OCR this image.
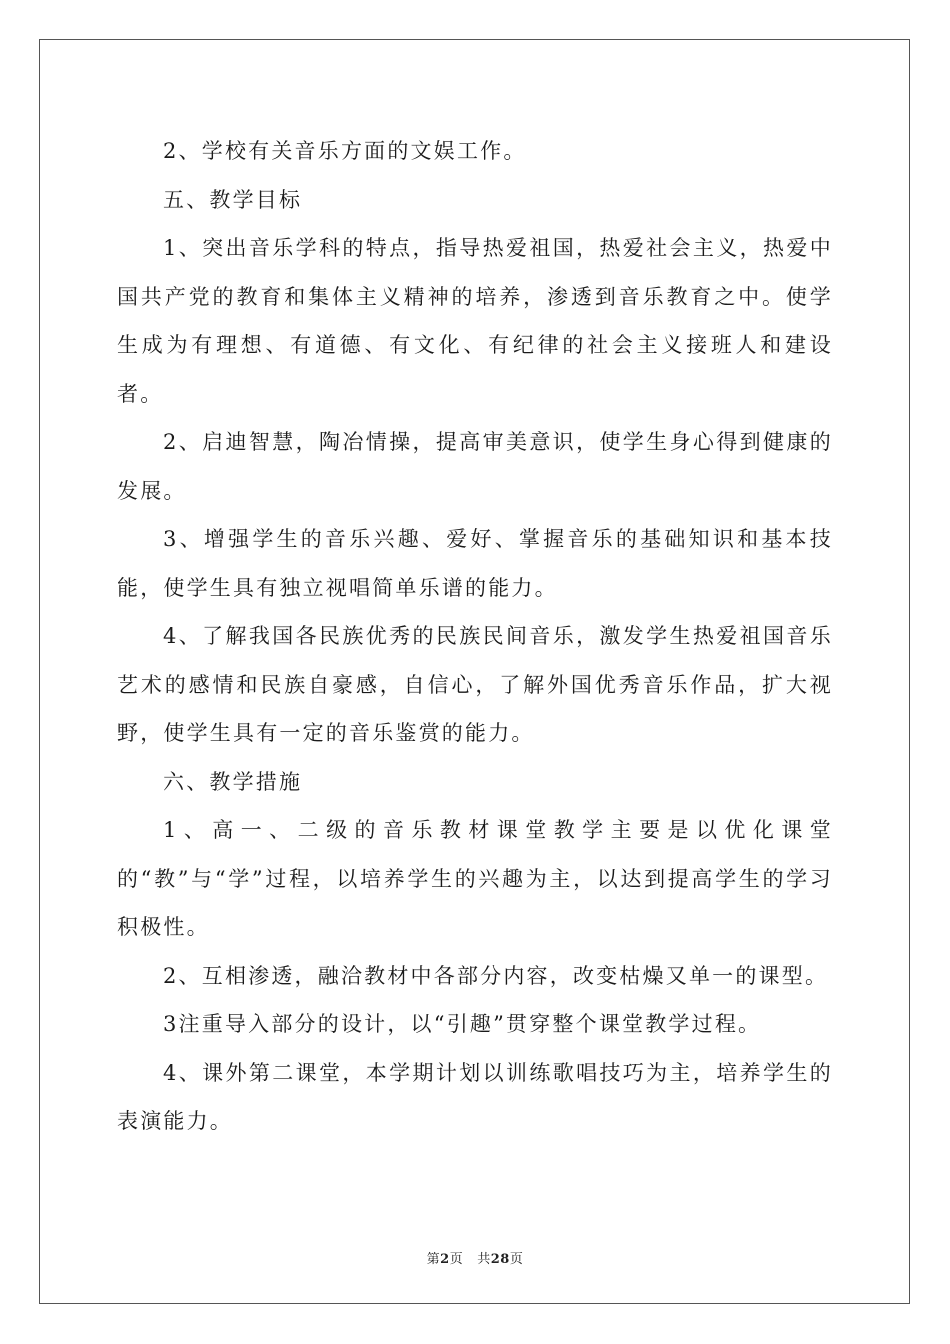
2、学校有关音乐方面的文娱工作。

五、教学目标

1、突出音乐学科的特点，指导热爱祖国，热爱社会主义，热爱中国共产党的教育和集体主义精神的培养，渗透到音乐教育之中。使学生成为有理想、有道德、有文化、有纪律的社会主义接班人和建设者。

2、启迪智慧，陶冶情操，提高审美意识，使学生身心得到健康的发展。

3、增强学生的音乐兴趣、爱好、掌握音乐的基础知识和基本技能，使学生具有独立视唱简单乐谱的能力。

4、了解我国各民族优秀的民族民间音乐，激发学生热爱祖国音乐艺术的感情和民族自豪感，自信心，了解外国优秀音乐作品，扩大视野，使学生具有一定的音乐鉴赏的能力。

六、教学措施

1、高一、二级的音乐教材课堂教学主要是以优化课堂的“教”与“学”过程，以培养学生的兴趣为主，以达到提高学生的学习积极性。

2、互相渗透，融洽教材中各部分内容，改变枯燥又单一的课型。

3注重导入部分的设计，以“引趣”贯穿整个课堂教学过程。

4、课外第二课堂，本学期计划以训练歌唱技巧为主，培养学生的表演能力。

第2页 共28页
